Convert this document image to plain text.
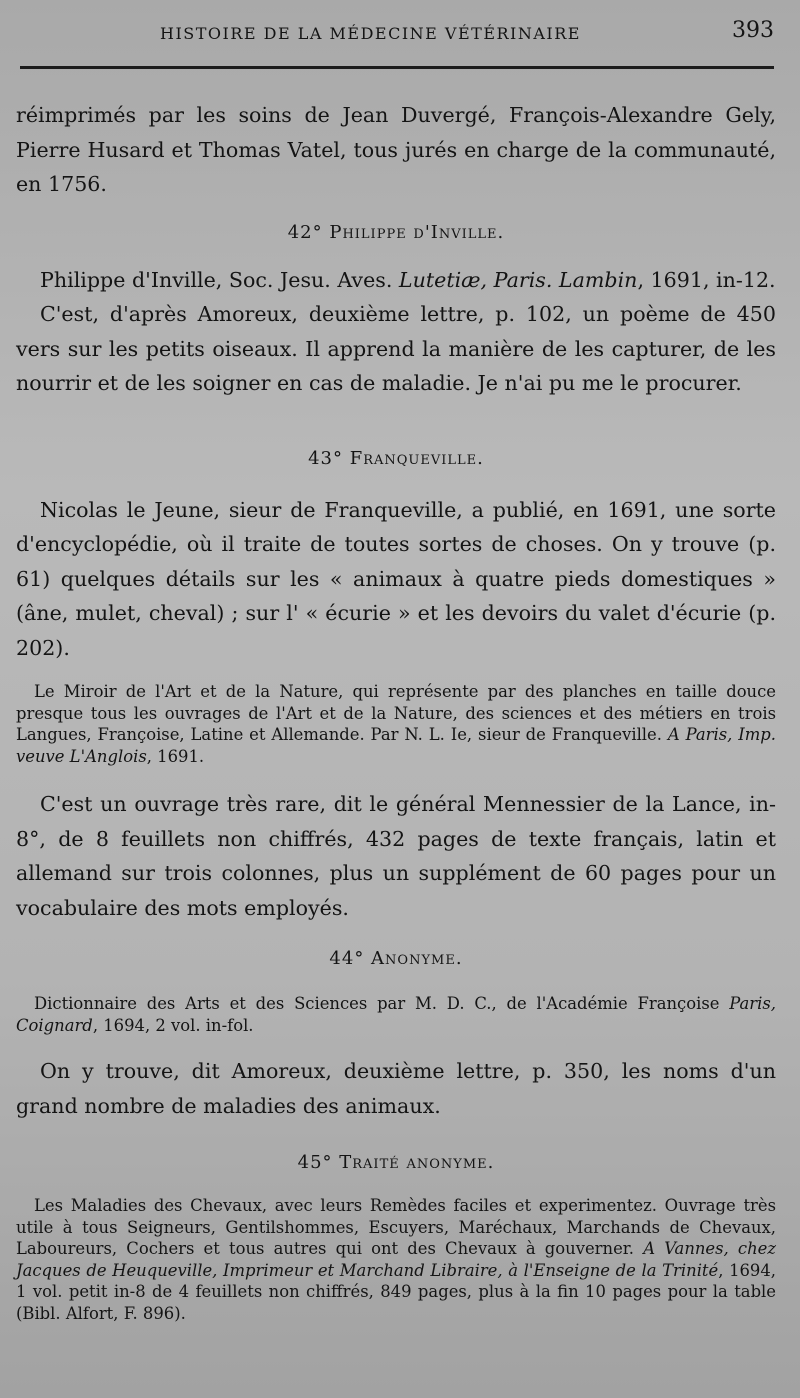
HISTOIRE DE LA MÉDECINE VÉTÉRINAIRE	393

réimprimés par les soins de Jean Duvergé, François-Alexandre Gely, Pierre Husard et Thomas Vatel, tous jurés en charge de la communauté, en 1756.

42° Philippe d'Inville.

Philippe d'Inville, Soc. Jesu. Aves. Lutetiæ, Paris. Lambin, 1691, in-12.

C'est, d'après Amoreux, deuxième lettre, p. 102, un poème de 450 vers sur les petits oiseaux. Il apprend la manière de les capturer, de les nourrir et de les soigner en cas de maladie. Je n'ai pu me le procurer.

43° Franqueville.

Nicolas le Jeune, sieur de Franqueville, a publié, en 1691, une sorte d'encyclopédie, où il traite de toutes sortes de choses. On y trouve (p. 61) quelques détails sur les « animaux à quatre pieds domestiques » (âne, mulet, cheval) ; sur l' « écurie » et les devoirs du valet d'écurie (p. 202).

Le Miroir de l'Art et de la Nature, qui représente par des planches en taille douce presque tous les ouvrages de l'Art et de la Nature, des sciences et des métiers en trois Langues, Françoise, Latine et Allemande. Par N. L. Ie, sieur de Franqueville. A Paris, Imp. veuve L'Anglois, 1691.

C'est un ouvrage très rare, dit le général Mennessier de la Lance, in-8°, de 8 feuillets non chiffrés, 432 pages de texte français, latin et allemand sur trois colonnes, plus un supplément de 60 pages pour un vocabulaire des mots employés.

44° Anonyme.

Dictionnaire des Arts et des Sciences par M. D. C., de l'Académie Françoise Paris, Coignard, 1694, 2 vol. in-fol.

On y trouve, dit Amoreux, deuxième lettre, p. 350, les noms d'un grand nombre de maladies des animaux.

45° Traité anonyme.

Les Maladies des Chevaux, avec leurs Remèdes faciles et experimentez. Ouvrage très utile à tous Seigneurs, Gentilshommes, Escuyers, Maréchaux, Marchands de Chevaux, Laboureurs, Cochers et tous autres qui ont des Chevaux à gouverner. A Vannes, chez Jacques de Heuqueville, Imprimeur et Marchand Libraire, à l'Enseigne de la Trinité, 1694, 1 vol. petit in-8 de 4 feuillets non chiffrés, 849 pages, plus à la fin 10 pages pour la table (Bibl. Alfort, F. 896).
